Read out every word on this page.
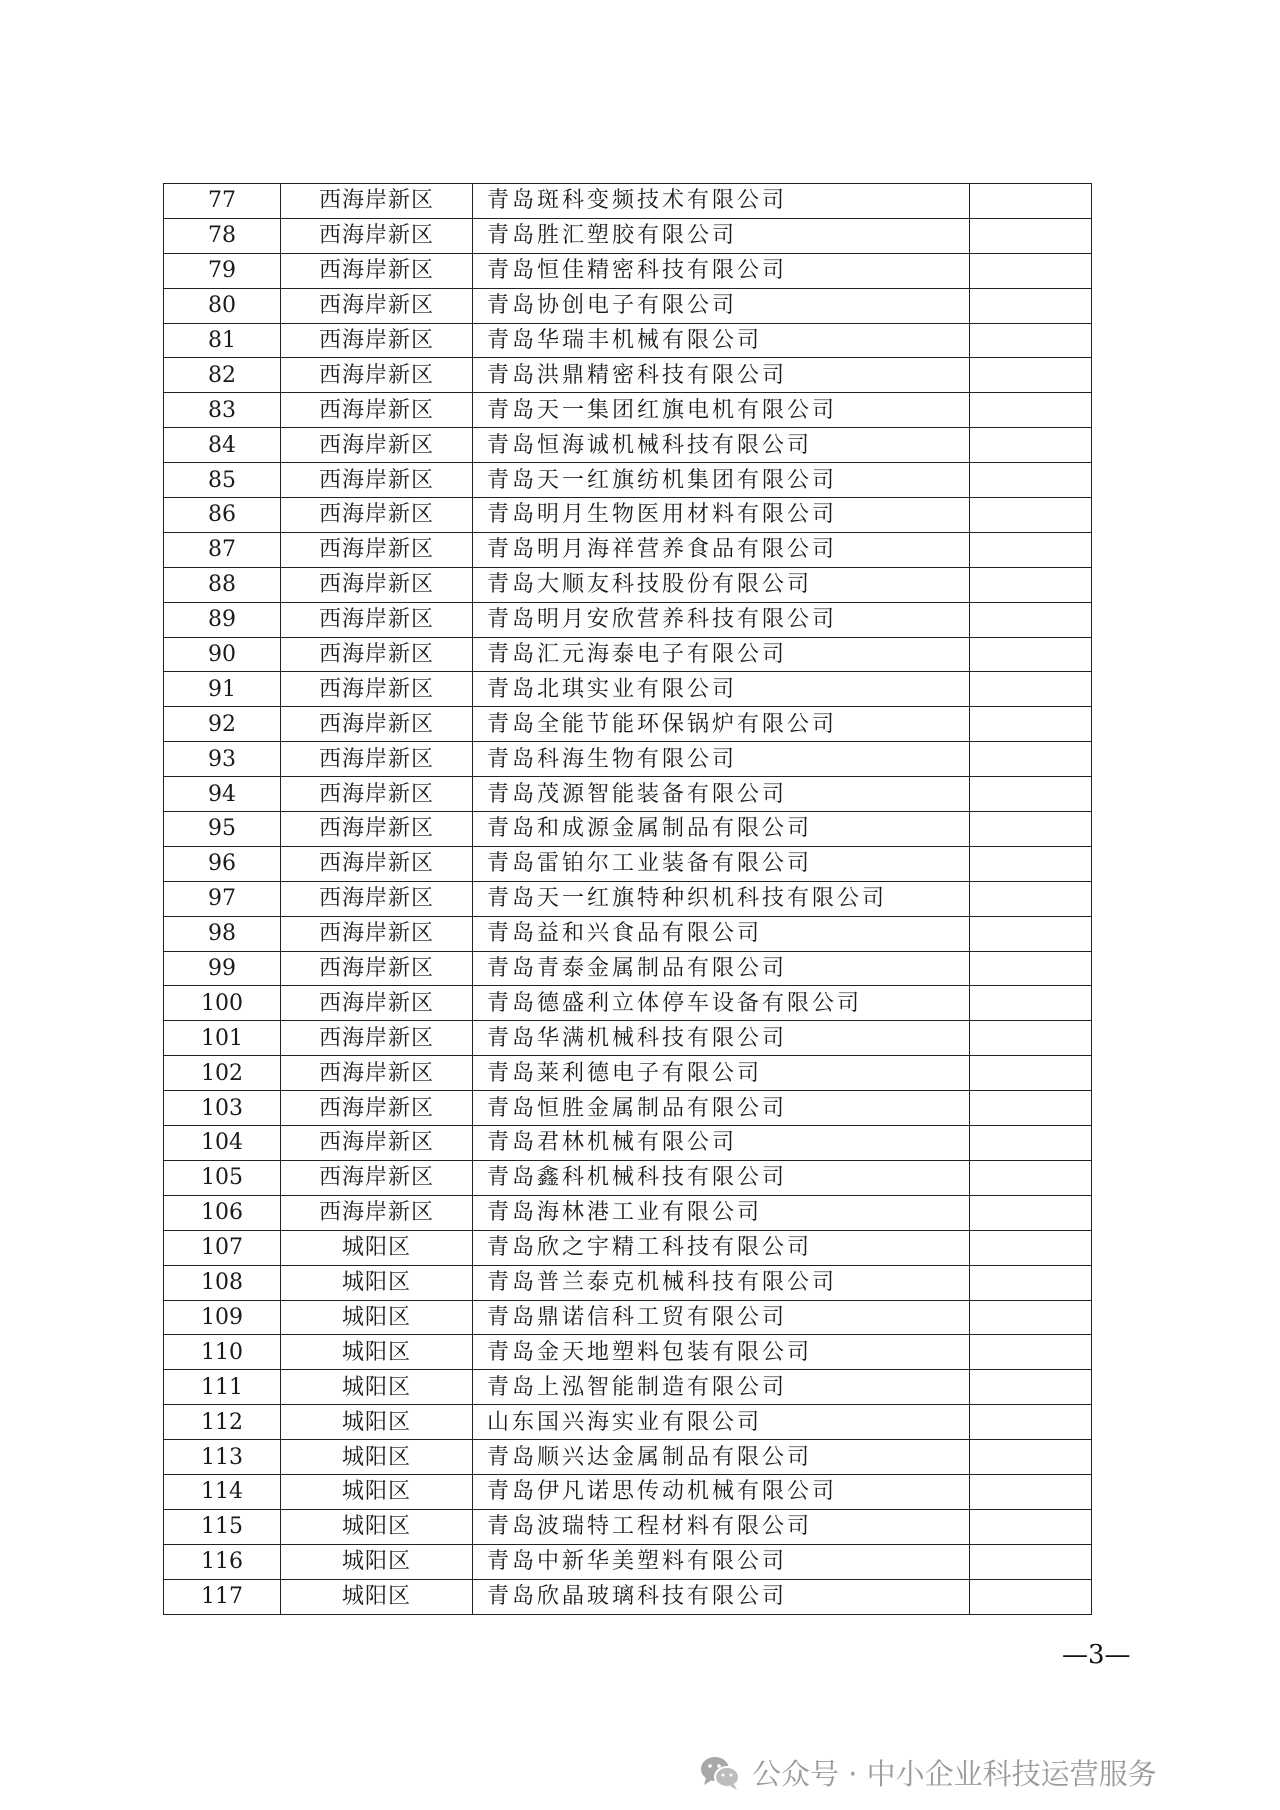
77	西海岸新区	青岛斑科变频技术有限公司	
78	西海岸新区	青岛胜汇塑胶有限公司	
79	西海岸新区	青岛恒佳精密科技有限公司	
80	西海岸新区	青岛协创电子有限公司	
81	西海岸新区	青岛华瑞丰机械有限公司	
82	西海岸新区	青岛洪鼎精密科技有限公司	
83	西海岸新区	青岛天一集团红旗电机有限公司	
84	西海岸新区	青岛恒海诚机械科技有限公司	
85	西海岸新区	青岛天一红旗纺机集团有限公司	
86	西海岸新区	青岛明月生物医用材料有限公司	
87	西海岸新区	青岛明月海祥营养食品有限公司	
88	西海岸新区	青岛大顺友科技股份有限公司	
89	西海岸新区	青岛明月安欣营养科技有限公司	
90	西海岸新区	青岛汇元海泰电子有限公司	
91	西海岸新区	青岛北琪实业有限公司	
92	西海岸新区	青岛全能节能环保锅炉有限公司	
93	西海岸新区	青岛科海生物有限公司	
94	西海岸新区	青岛茂源智能装备有限公司	
95	西海岸新区	青岛和成源金属制品有限公司	
96	西海岸新区	青岛雷铂尔工业装备有限公司	
97	西海岸新区	青岛天一红旗特种织机科技有限公司	
98	西海岸新区	青岛益和兴食品有限公司	
99	西海岸新区	青岛青泰金属制品有限公司	
100	西海岸新区	青岛德盛利立体停车设备有限公司	
101	西海岸新区	青岛华满机械科技有限公司	
102	西海岸新区	青岛莱利德电子有限公司	
103	西海岸新区	青岛恒胜金属制品有限公司	
104	西海岸新区	青岛君林机械有限公司	
105	西海岸新区	青岛鑫科机械科技有限公司	
106	西海岸新区	青岛海林港工业有限公司	
107	城阳区	青岛欣之宇精工科技有限公司	
108	城阳区	青岛普兰泰克机械科技有限公司	
109	城阳区	青岛鼎诺信科工贸有限公司	
110	城阳区	青岛金天地塑料包装有限公司	
111	城阳区	青岛上泓智能制造有限公司	
112	城阳区	山东国兴海实业有限公司	
113	城阳区	青岛顺兴达金属制品有限公司	
114	城阳区	青岛伊凡诺思传动机械有限公司	
115	城阳区	青岛波瑞特工程材料有限公司	
116	城阳区	青岛中新华美塑料有限公司	
117	城阳区	青岛欣晶玻璃科技有限公司	
—3—
公众号 · 中小企业科技运营服务
